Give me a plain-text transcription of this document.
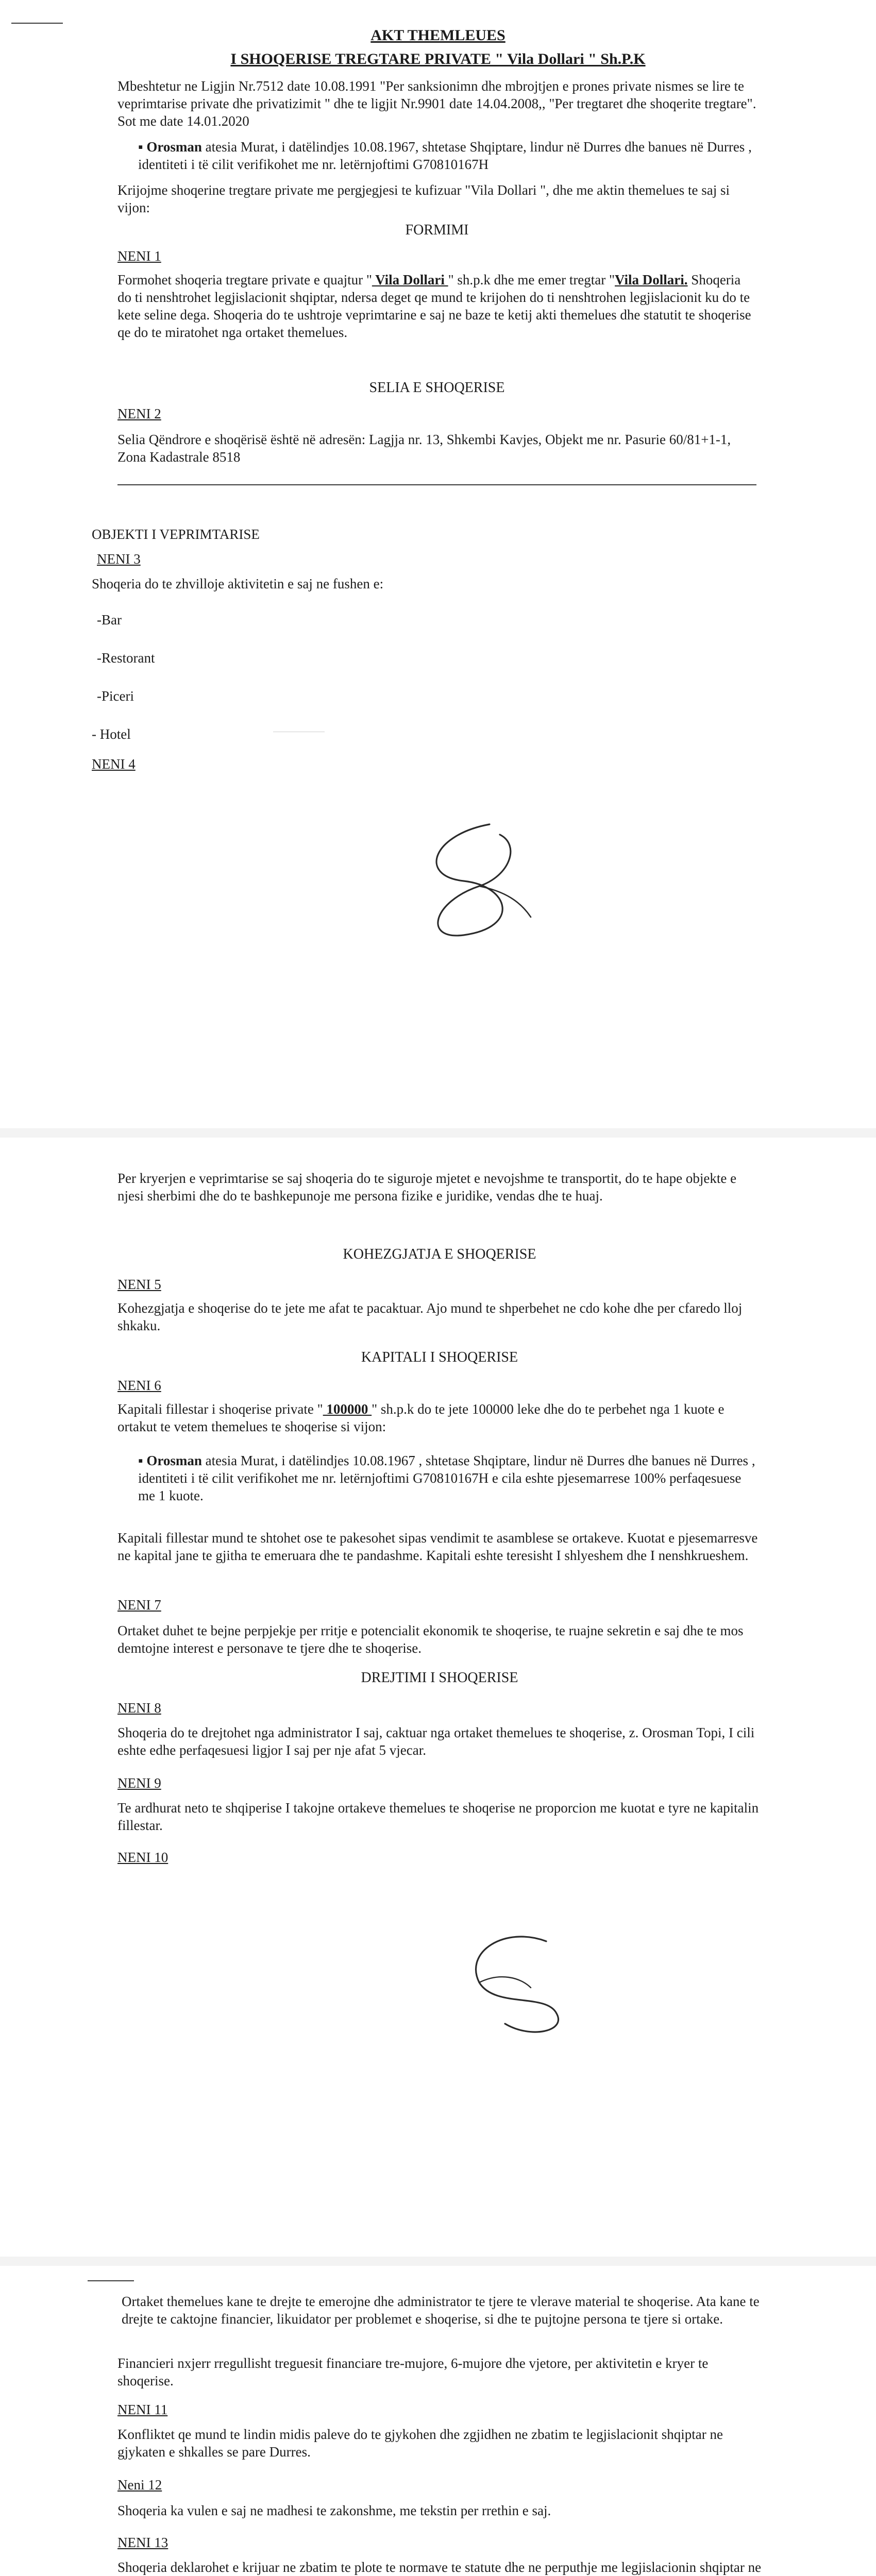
AKT THEMLEUES
I SHOQERISE TREGTARE PRIVATE " Vila Dollari " Sh.P.K

Mbeshtetur ne Ligjin Nr.7512 date 10.08.1991 "Per sanksionimn dhe mbrojtjen e prones private nismes se lire te veprimtarise private dhe privatizimit " dhe te ligjit Nr.9901 date 14.04.2008,, "Per tregtaret dhe shoqerite tregtare". Sot me date 14.01.2020

▪ Orosman atesia Murat, i datëlindjes 10.08.1967, shtetase Shqiptare, lindur në Durres dhe banues në Durres , identiteti i të cilit verifikohet me nr. letërnjoftimi G70810167H

Krijojme shoqerine tregtare private me pergjegjesi te kufizuar "Vila Dollari ", dhe me aktin themelues te saj si vijon:

FORMIMI
NENI 1

Formohet shoqeria tregtare private e quajtur " Vila Dollari " sh.p.k dhe me emer tregtar "Vila Dollari. Shoqeria do ti nenshtrohet legjislacionit shqiptar, ndersa deget qe mund te krijohen do ti nenshtrohen legjislacionit ku do te kete seline dega. Shoqeria do te ushtroje veprimtarine e saj ne baze te ketij akti themelues dhe statutit te shoqerise qe do te miratohet nga ortaket themelues.

SELIA E SHOQERISE
NENI 2

Selia Qëndrore e shoqërisë është në adresën: Lagjja nr. 13, Shkembi Kavjes, Objekt me nr. Pasurie 60/81+1-1, Zona Kadastrale 8518

OBJEKTI I VEPRIMTARISE
NENI 3

Shoqeria do te zhvilloje aktivitetin e saj ne fushen e:

-Bar
-Restorant
-Piceri
- Hotel
NENI 4

Per kryerjen e veprimtarise se saj shoqeria do te siguroje mjetet e nevojshme te transportit, do te hape objekte e njesi sherbimi dhe do te bashkepunoje me persona fizike e juridike, vendas dhe te huaj.

KOHEZGJATJA E SHOQERISE
NENI 5

Kohezgjatja e shoqerise do te jete me afat te pacaktuar. Ajo mund te shperbehet ne cdo kohe dhe per cfaredo lloj shkaku.

KAPITALI I SHOQERISE
NENI 6

Kapitali fillestar i shoqerise private " 100000 " sh.p.k do te jete 100000 leke dhe do te perbehet nga 1 kuote e ortakut te vetem themelues te shoqerise si vijon:

▪ Orosman atesia Murat, i datëlindjes 10.08.1967 , shtetase Shqiptare, lindur në Durres dhe banues në Durres , identiteti i të cilit verifikohet me nr. letërnjoftimi G70810167H e cila eshte pjesemarrese 100% perfaqesuese me 1 kuote.

Kapitali fillestar mund te shtohet ose te pakesohet sipas vendimit te asamblese se ortakeve. Kuotat e pjesemarresve ne kapital jane te gjitha te emeruara dhe te pandashme. Kapitali eshte teresisht I shlyeshem dhe I nenshkrueshem.

NENI 7

Ortaket duhet te bejne perpjekje per rritje e potencialit ekonomik te shoqerise, te ruajne sekretin e saj dhe te mos demtojne interest e personave te tjere dhe te shoqerise.

DREJTIMI I SHOQERISE
NENI 8

Shoqeria do te drejtohet nga administrator I saj, caktuar nga ortaket themelues te shoqerise, z. Orosman Topi, I cili eshte edhe perfaqesuesi ligjor I saj per nje afat 5 vjecar.

NENI 9

Te ardhurat neto te shqiperise I takojne ortakeve themelues te shoqerise ne proporcion me kuotat e tyre ne kapitalin fillestar.

NENI 10

Ortaket themelues kane te drejte te emerojne dhe administrator te tjere te vlerave material te shoqerise. Ata kane te drejte te caktojne financier, likuidator per problemet e shoqerise, si dhe te pujtojne persona te tjere si ortake.

Financieri nxjerr rregullisht treguesit financiare tre-mujore, 6-mujore dhe vjetore, per aktivitetin e kryer te shoqerise.

NENI 11

Konfliktet qe mund te lindin midis paleve do te gjykohen dhe zgjidhen ne zbatim te legjislacionit shqiptar ne gjykaten e shkalles se pare Durres.

Neni 12

Shoqeria ka vulen e saj ne madhesi te zakonshme, me tekstin per rrethin e saj.

NENI 13

Shoqeria deklarohet e krijuar ne zbatim te plote te normave te statute dhe ne perputhje me legjislacionin shqiptar ne
